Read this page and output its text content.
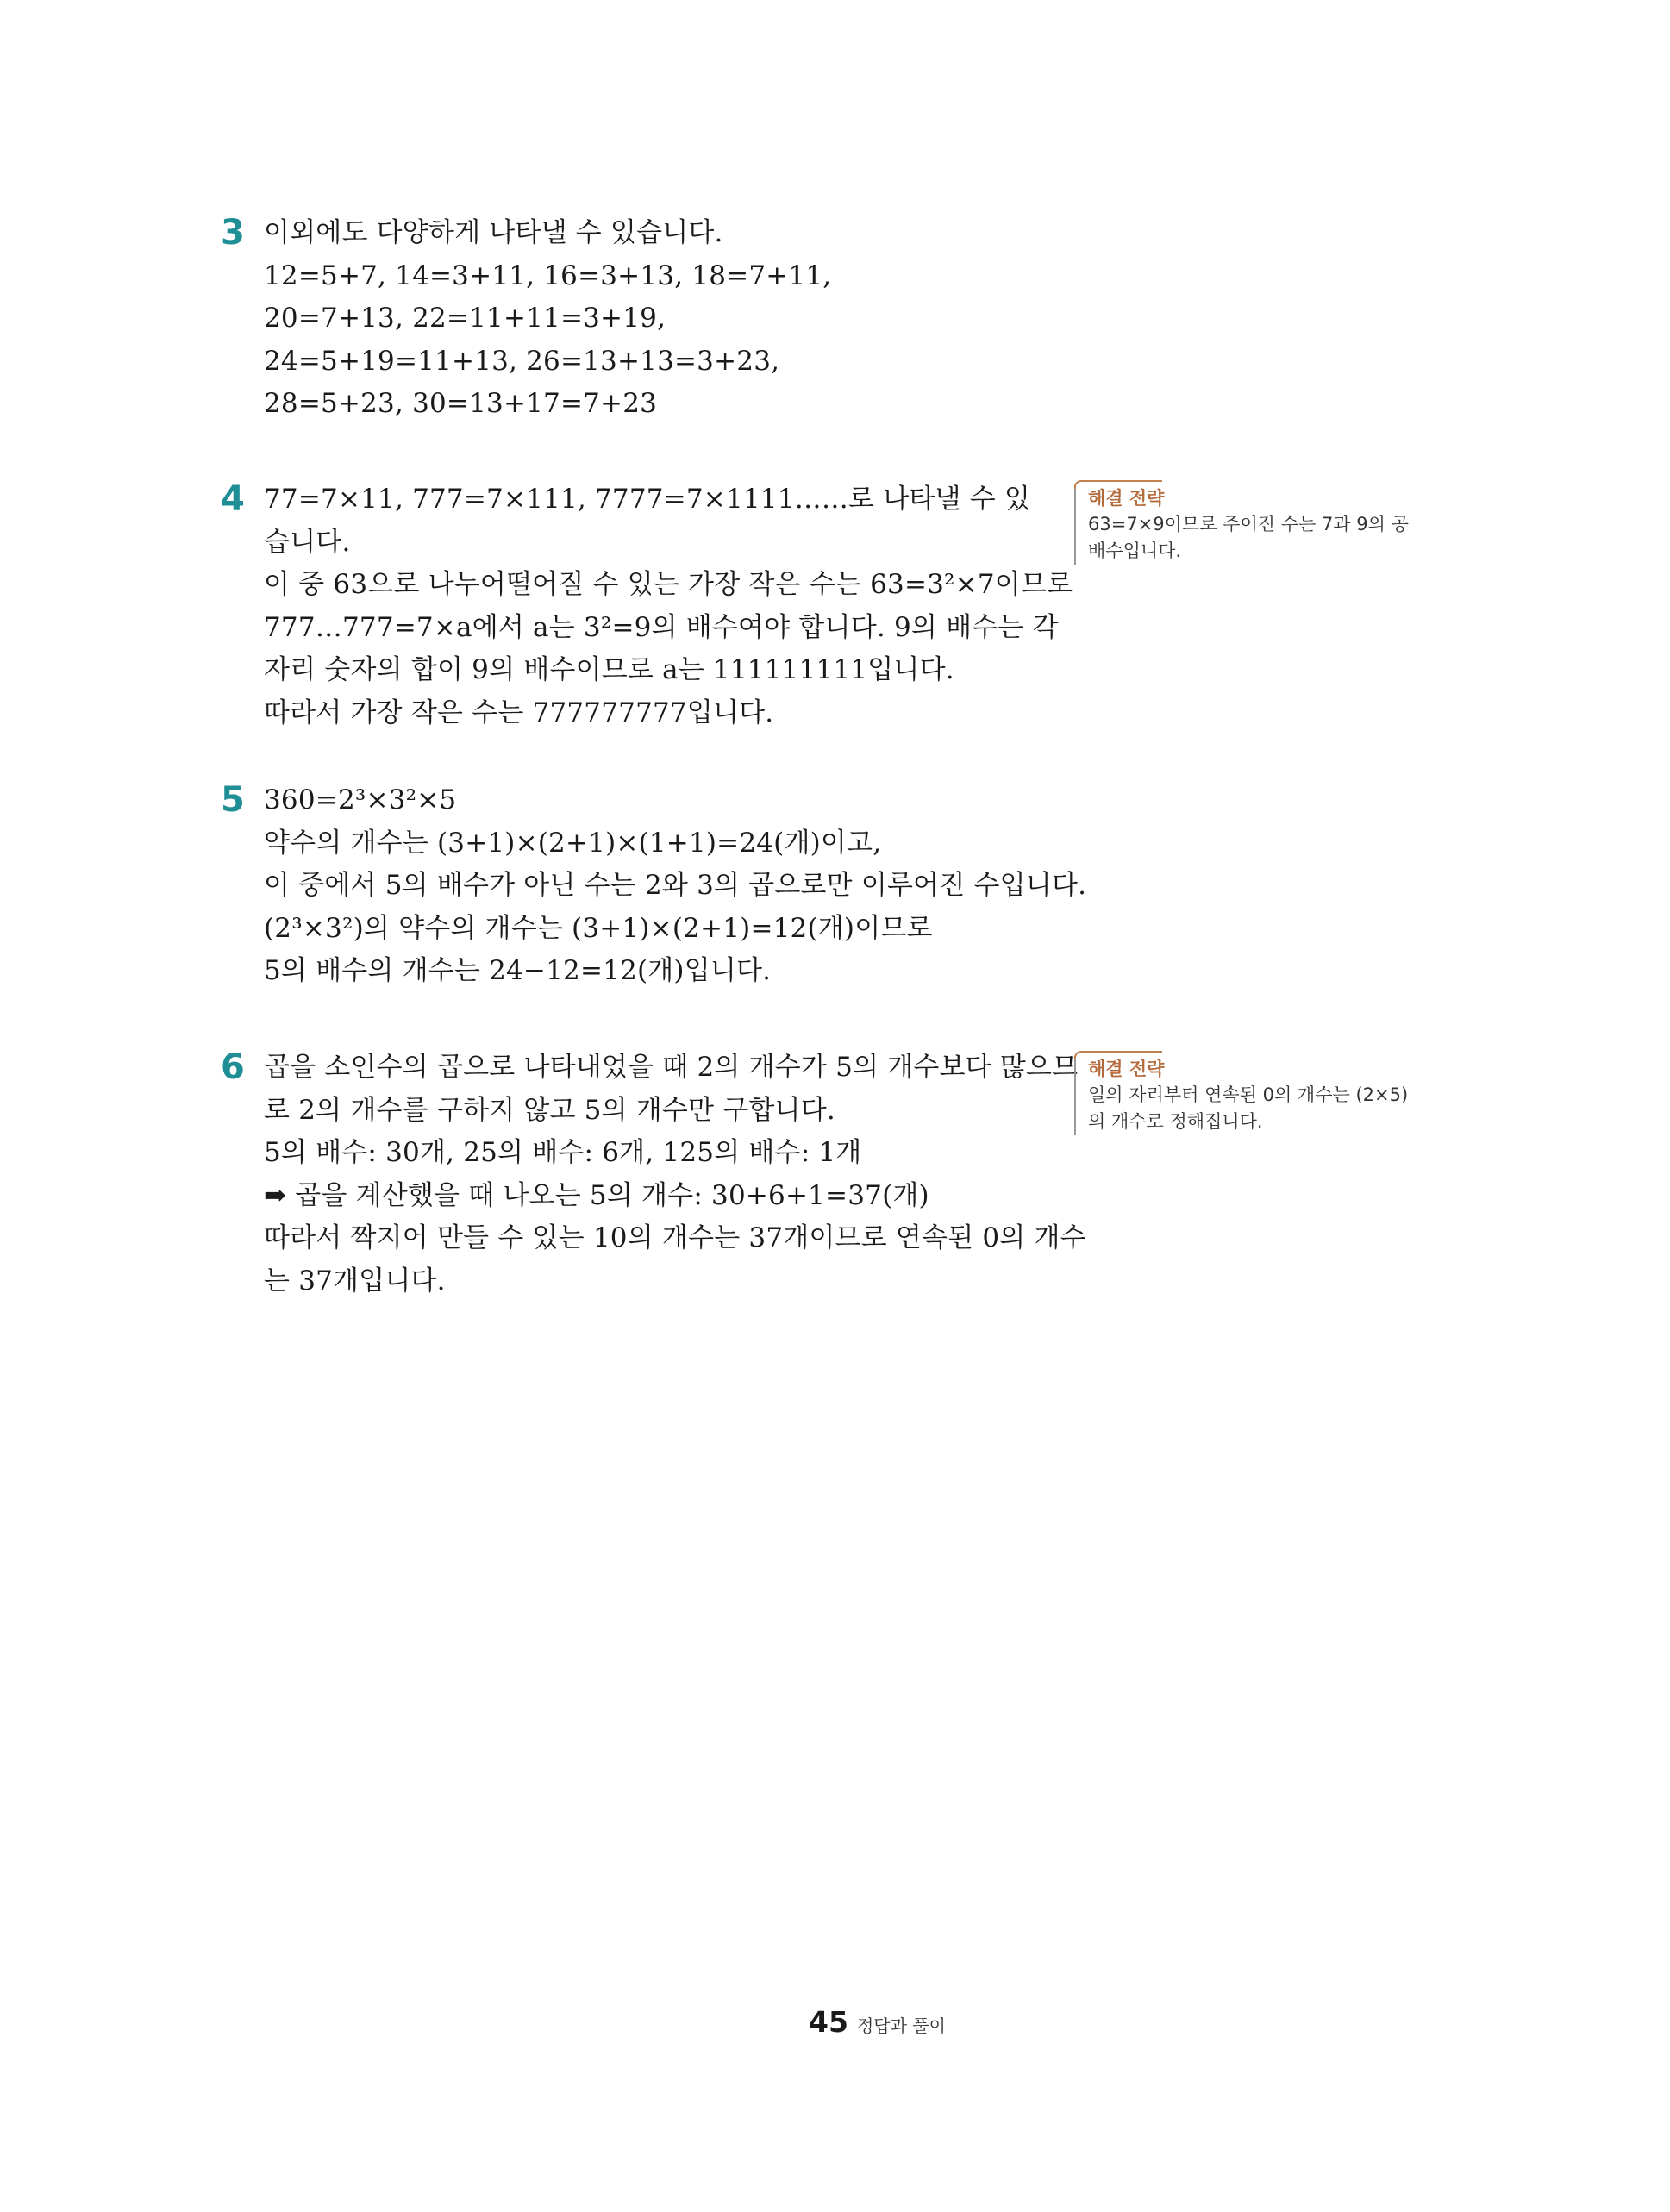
3 이외에도 다양하게 나타낼 수 있습니다.
12=5+7, 14=3+11, 16=3+13, 18=7+11,
20=7+13, 22=11+11=3+19,
24=5+19=11+13, 26=13+13=3+23,
28=5+23, 30=13+17=7+23
4 77=7×11, 777=7×111, 7777=7×1111……로 나타낼 수 있
습니다.
이 중 63으로 나누어떨어질 수 있는 가장 작은 수는 63=3²×7이므로
777…777=7×a에서 a는 3²=9의 배수여야 합니다. 9의 배수는 각
자리 숫자의 합이 9의 배수이므로 a는 111111111입니다.
따라서 가장 작은 수는 777777777입니다.
해결 전략
63=7×9이므로 주어진 수는 7과 9의 공
배수입니다.
5 360=2³×3²×5
약수의 개수는 (3+1)×(2+1)×(1+1)=24(개)이고,
이 중에서 5의 배수가 아닌 수는 2와 3의 곱으로만 이루어진 수입니다.
(2³×3²)의 약수의 개수는 (3+1)×(2+1)=12(개)이므로
5의 배수의 개수는 24−12=12(개)입니다.
6 곱을 소인수의 곱으로 나타내었을 때 2의 개수가 5의 개수보다 많으므
로 2의 개수를 구하지 않고 5의 개수만 구합니다.
5의 배수: 30개, 25의 배수: 6개, 125의 배수: 1개
➡ 곱을 계산했을 때 나오는 5의 개수: 30+6+1=37(개)
따라서 짝지어 만들 수 있는 10의 개수는 37개이므로 연속된 0의 개수
는 37개입니다.
해결 전략
일의 자리부터 연속된 0의 개수는 (2×5)
의 개수로 정해집니다.
45 정답과 풀이
